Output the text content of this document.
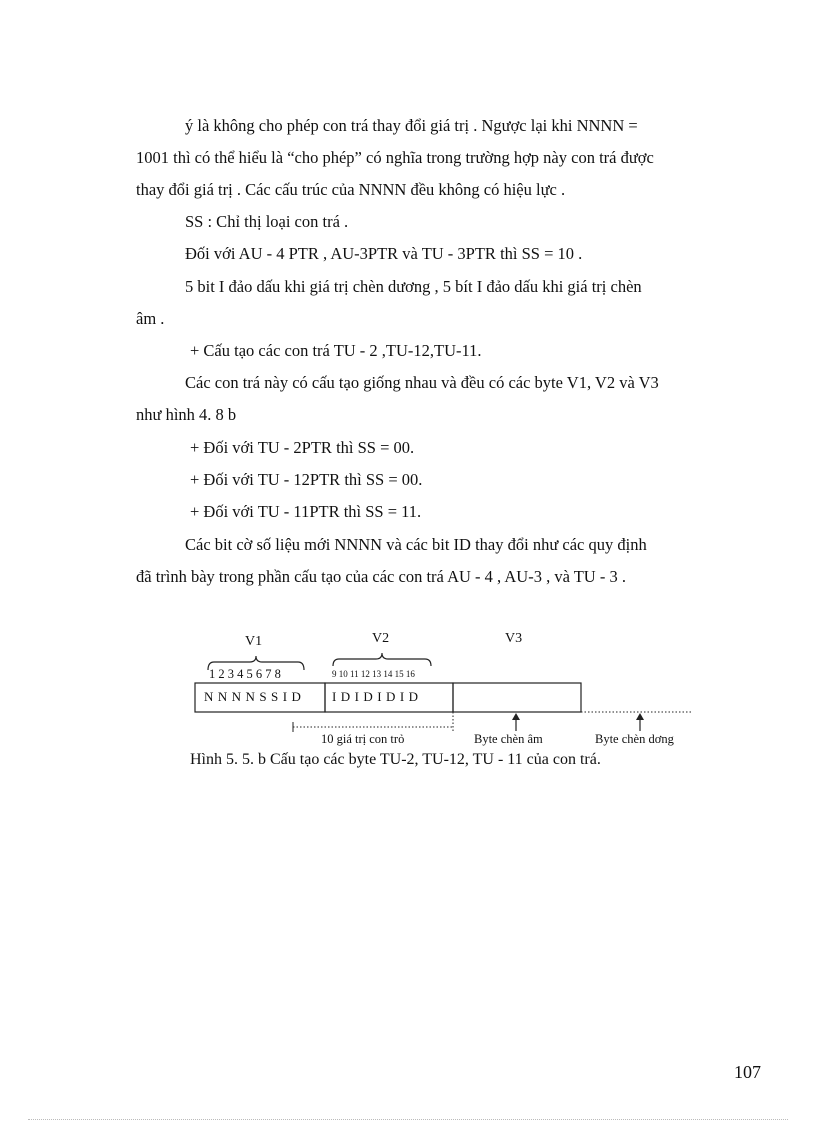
ý là không cho phép con trá thay đổi giá trị . Ngược lại khi NNNN =
1001 thì có thể hiểu là “cho phép” có nghĩa trong trường hợp này con trá được
thay đổi giá trị . Các cấu trúc của NNNN đều không có hiệu lực .
SS : Chỉ thị loại con trá .
Đối với AU - 4 PTR , AU-3PTR và TU - 3PTR thì SS = 10 .
5 bit I đảo dấu khi giá trị chèn dương , 5 bít I đảo dấu khi giá trị chèn
âm .
+ Cấu tạo các con trá TU - 2 ,TU-12,TU-11.
Các con trá này có cấu tạo giống nhau và đều có các byte V1, V2 và V3
như hình 4. 8 b
+ Đối với TU - 2PTR thì SS = 00.
+ Đối với TU - 12PTR thì SS = 00.
+ Đối với TU - 11PTR thì SS = 11.
Các bit cờ số liệu mới NNNN và các bit ID thay đổi như các quy định
đã trình bày trong phần cấu tạo của các con trá AU - 4 , AU-3 , và TU - 3 .
V1	V2	V3
1 2 3 4 5 6 7 8	9 10 11 12 13 14 15 16
N N N N S S I D I D I D I D I D
10 giá trị con trỏ	Byte chèn âm	Byte chèn dơng
Hình 5. 5. b Cấu tạo các byte TU-2, TU-12, TU - 11 của con trá.
107
